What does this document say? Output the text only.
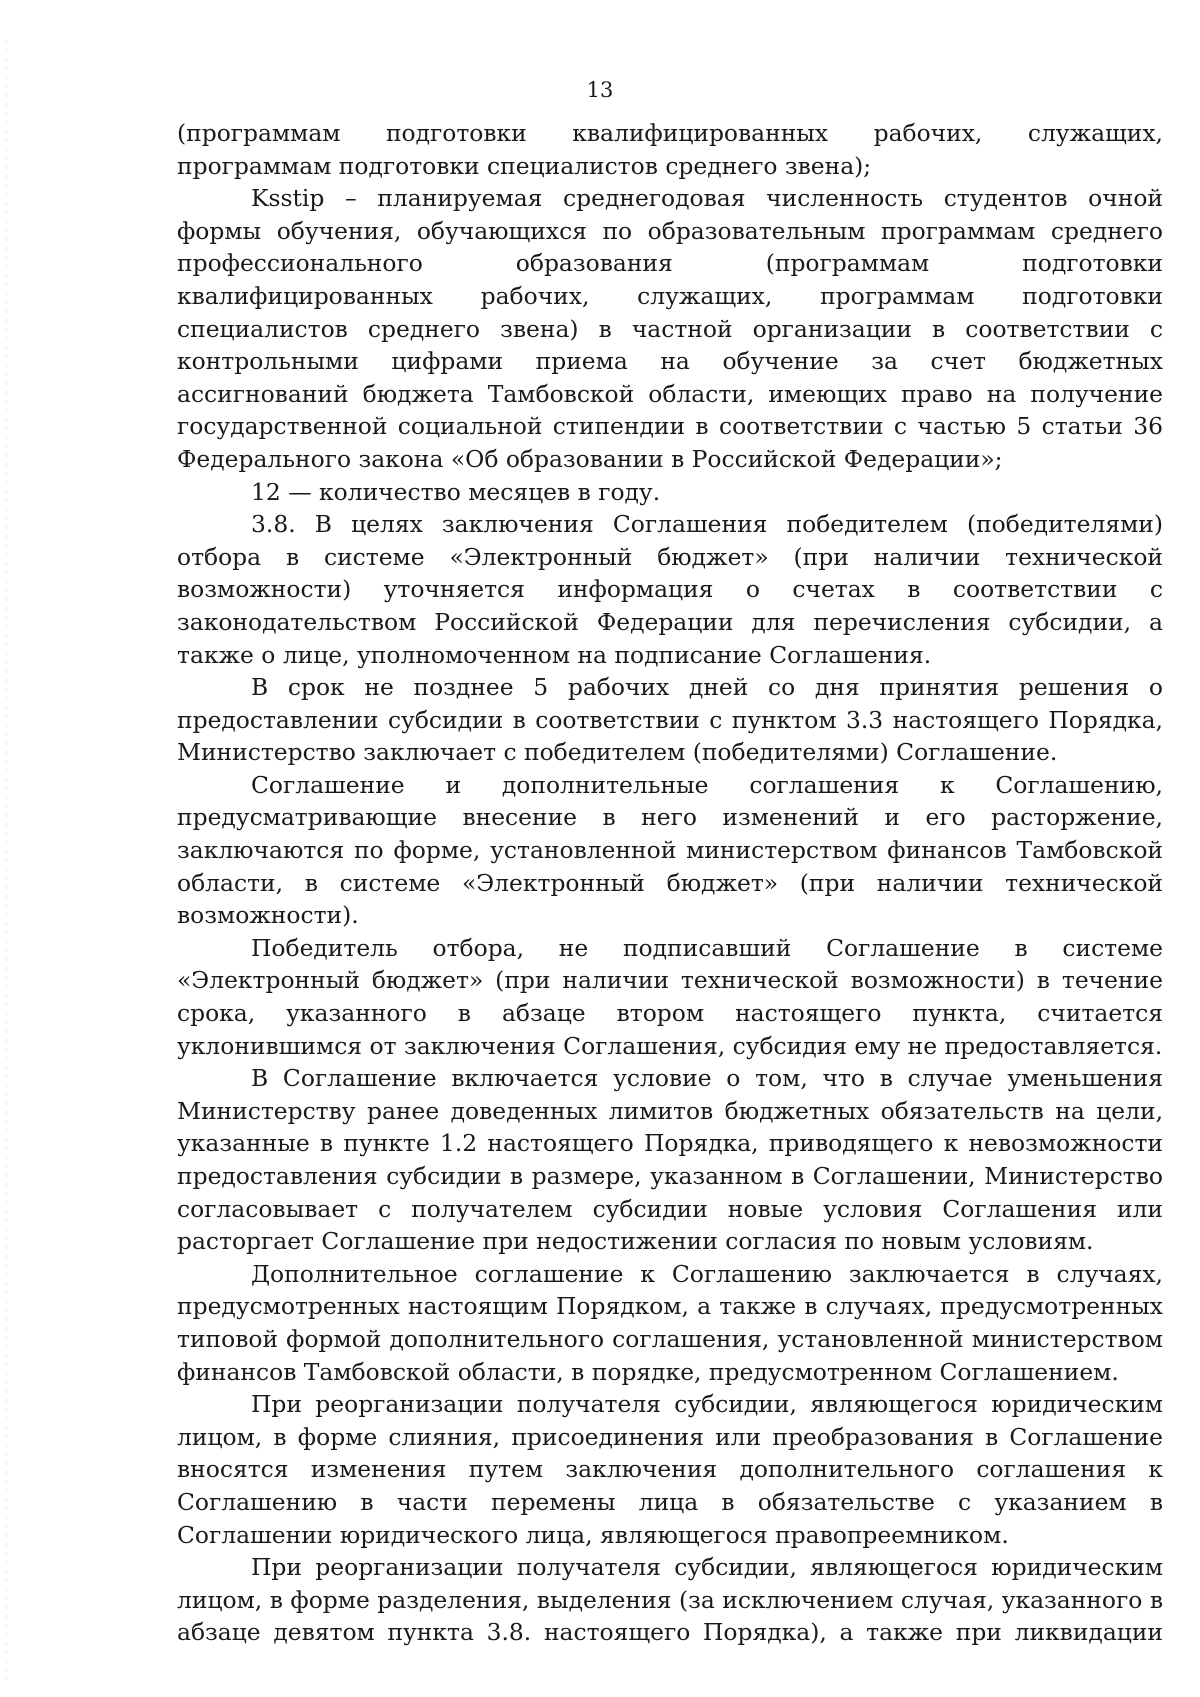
13

(программам подготовки квалифицированных рабочих, служащих, программам подготовки специалистов среднего звена);

Ksstip – планируемая среднегодовая численность студентов очной формы обучения, обучающихся по образовательным программам среднего профессионального образования (программам подготовки квалифицированных рабочих, служащих, программам подготовки специалистов среднего звена) в частной организации в соответствии с контрольными цифрами приема на обучение за счет бюджетных ассигнований бюджета Тамбовской области, имеющих право на получение государственной социальной стипендии в соответствии с частью 5 статьи 36 Федерального закона «Об образовании в Российской Федерации»;

12 — количество месяцев в году.

3.8. В целях заключения Соглашения победителем (победителями) отбора в системе «Электронный бюджет» (при наличии технической возможности) уточняется информация о счетах в соответствии с законодательством Российской Федерации для перечисления субсидии, а также о лице, уполномоченном на подписание Соглашения.

В срок не позднее 5 рабочих дней со дня принятия решения о предоставлении субсидии в соответствии с пунктом 3.3 настоящего Порядка, Министерство заключает с победителем (победителями) Соглашение.

Соглашение и дополнительные соглашения к Соглашению, предусматривающие внесение в него изменений и его расторжение, заключаются по форме, установленной министерством финансов Тамбовской области, в системе «Электронный бюджет» (при наличии технической возможности).

Победитель отбора, не подписавший Соглашение в системе «Электронный бюджет» (при наличии технической возможности) в течение срока, указанного в абзаце втором настоящего пункта, считается уклонившимся от заключения Соглашения, субсидия ему не предоставляется.

В Соглашение включается условие о том, что в случае уменьшения Министерству ранее доведенных лимитов бюджетных обязательств на цели, указанные в пункте 1.2 настоящего Порядка, приводящего к невозможности предоставления субсидии в размере, указанном в Соглашении, Министерство согласовывает с получателем субсидии новые условия Соглашения или расторгает Соглашение при недостижении согласия по новым условиям.

Дополнительное соглашение к Соглашению заключается в случаях, предусмотренных настоящим Порядком, а также в случаях, предусмотренных типовой формой дополнительного соглашения, установленной министерством финансов Тамбовской области, в порядке, предусмотренном Соглашением.

При реорганизации получателя субсидии, являющегося юридическим лицом, в форме слияния, присоединения или преобразования в Соглашение вносятся изменения путем заключения дополнительного соглашения к Соглашению в части перемены лица в обязательстве с указанием в Соглашении юридического лица, являющегося правопреемником.

При реорганизации получателя субсидии, являющегося юридическим лицом, в форме разделения, выделения (за исключением случая, указанного в абзаце девятом пункта 3.8. настоящего Порядка), а также при ликвидации
